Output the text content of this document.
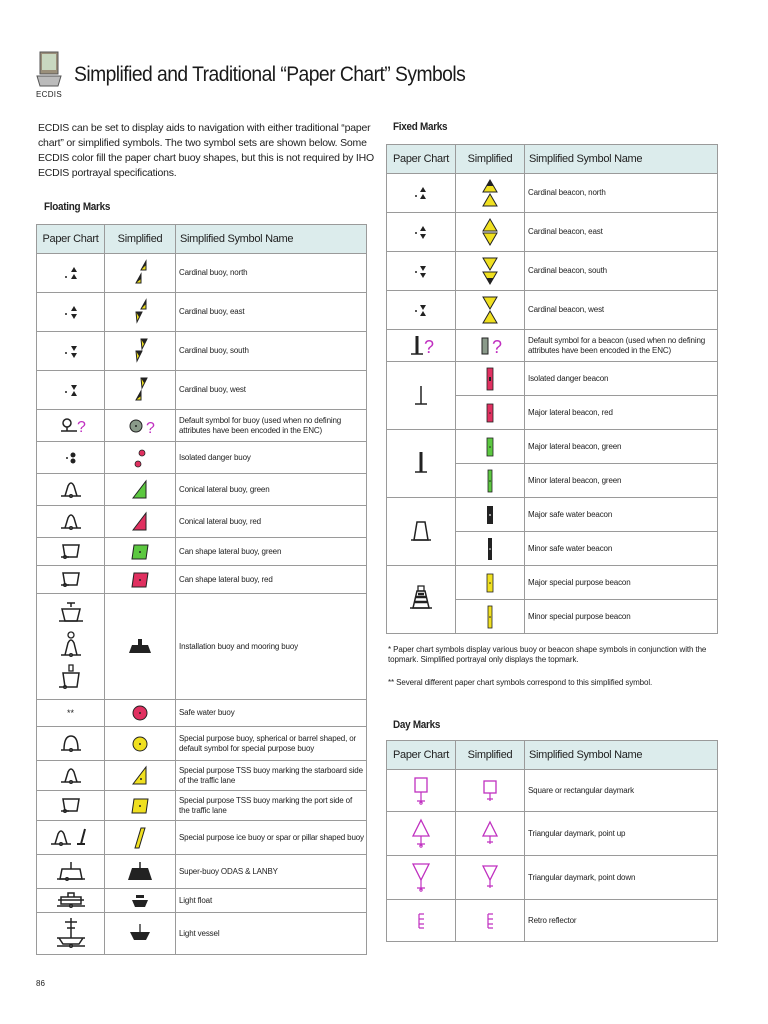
ECDIS
Simplified and Traditional “Paper Chart” Symbols
ECDIS can be set to display aids to navigation with either traditional “paper chart” or simplified symbols. The two symbol sets are shown below. Some ECDIS color fill the paper chart buoy shapes, but this is not required by IHO ECDIS portrayal specifications.
Floating Marks
Fixed Marks
Day Marks
Paper Chart	Simplified	Simplified Symbol Name

	Cardinal buoy, north

	Cardinal buoy, east

	Cardinal buoy, south

	Cardinal buoy, west

?	?	Default symbol for buoy (used when no defining attributes have been encoded in the ENC)

	Isolated danger buoy

	Conical lateral buoy, green

	Conical lateral buoy, red

	Can shape lateral buoy, green

	Can shape lateral buoy, red

	Installation buoy and mooring buoy
**		Safe water buoy

	Special purpose buoy, spherical or barrel shaped, or default symbol for special purpose buoy

	Special purpose TSS buoy marking the starboard side of the traffic lane

	Special purpose TSS buoy marking the port side of the traffic lane

	Special purpose ice buoy or spar or pillar shaped buoy

	Super-buoy ODAS & LANBY

	Light float

	Light vessel
Paper Chart	Simplified	Simplified Symbol Name

	Cardinal beacon, north

	Cardinal beacon, east

	Cardinal beacon, south

	Cardinal beacon, west

?	?	Default symbol for a beacon (used when no defining attributes have been encoded in the ENC)

	Isolated danger beacon

	Major lateral beacon, red

	Major lateral beacon, green

	Minor lateral beacon, green

	Major safe water beacon

	Minor safe water beacon

	Major special purpose beacon

	Minor special purpose beacon
* Paper chart symbols display various buoy or beacon shape symbols in conjunction with the topmark. Simplified portrayal only displays the topmark.
** Several different paper chart symbols correspond to this simplified symbol.
Paper Chart	Simplified	Simplified Symbol Name

	Square or rectangular daymark

	Triangular daymark, point up

	Triangular daymark, point down

	Retro reflector
86
